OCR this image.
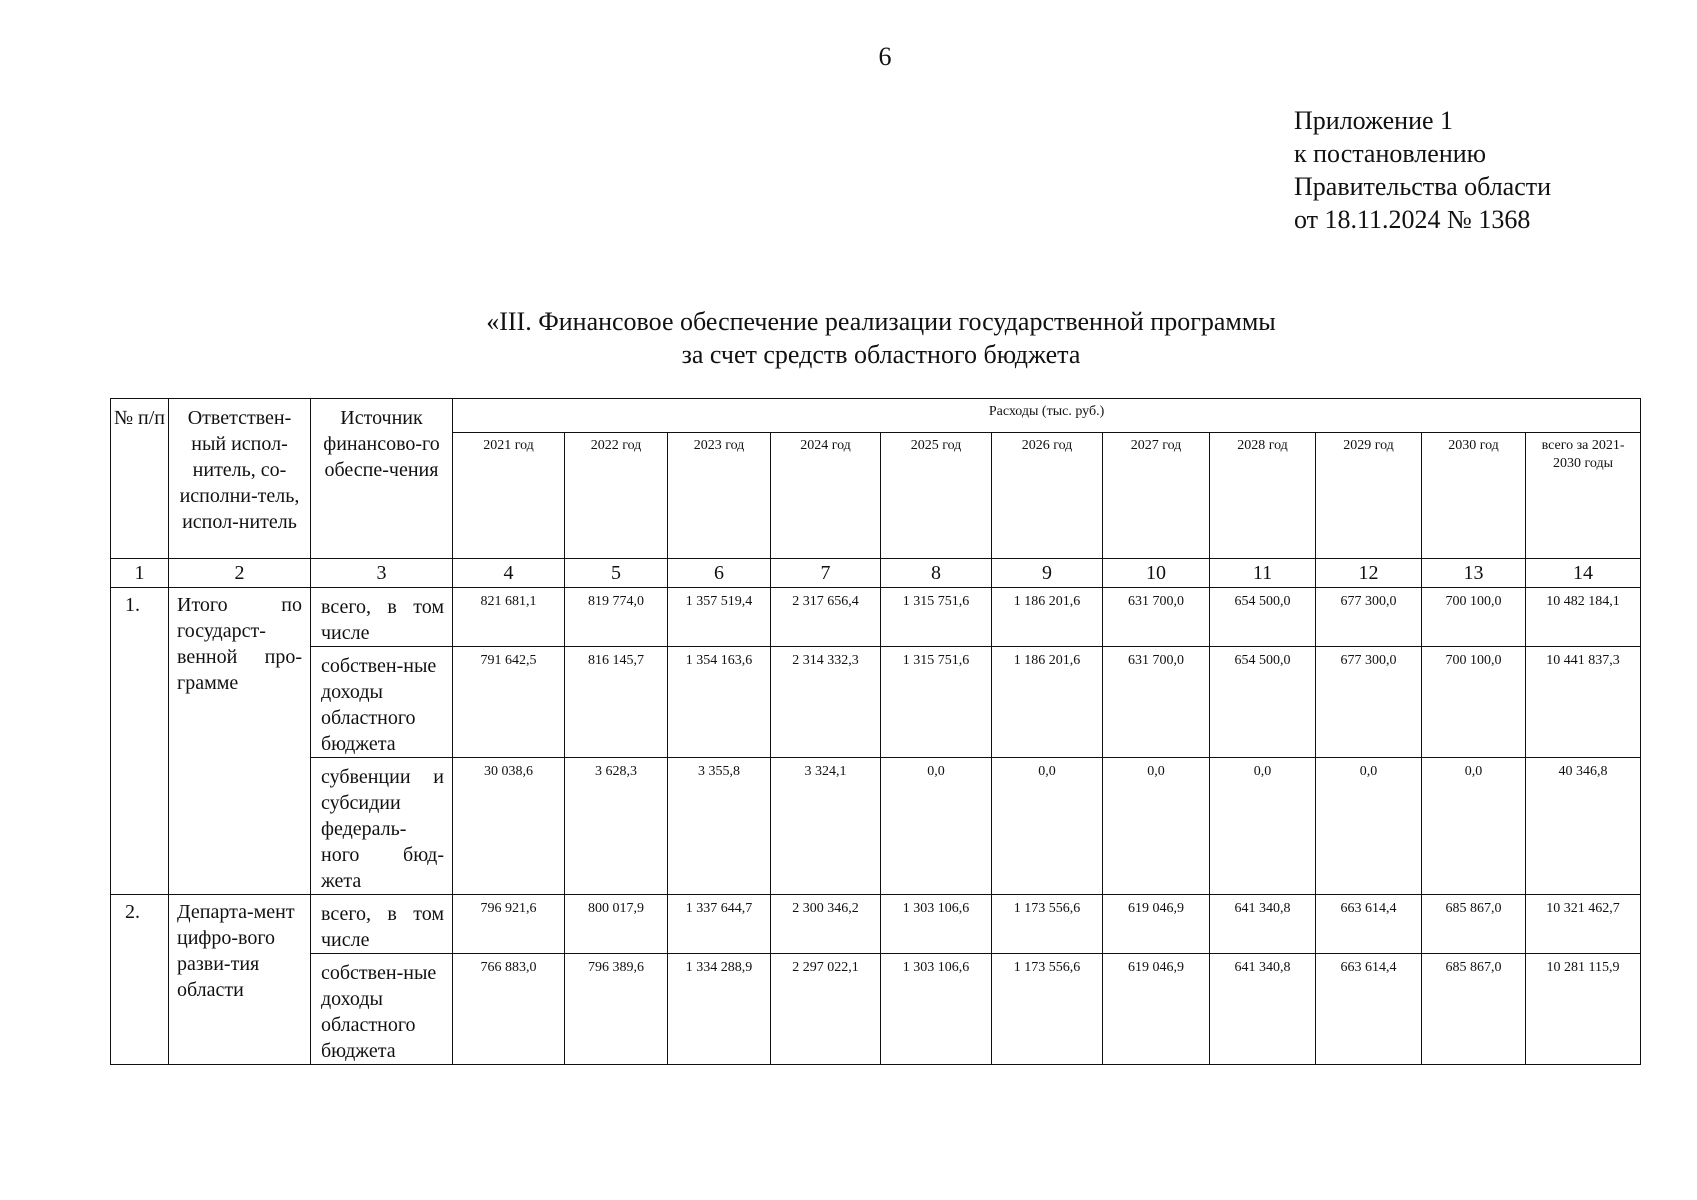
6
Приложение 1
к постановлению
Правительства области
от 18.11.2024 № 1368
«III. Финансовое обеспечение реализации государственной программы
за счет средств областного бюджета
№ п/п	Ответствен-ный испол-нитель, со-исполни-тель, испол-нитель	Источник финансово-го обеспе-чения	Расходы (тыс. руб.)										
			2021 год	2022 год	2023 год	2024 год	2025 год	2026 год	2027 год	2028 год	2029 год	2030 год	всего за 2021-2030 годы
1	2	3	4	5	6	7	8	9	10	11	12	13	14
1.	Итого по государст-венной про-грамме	всего, в том числе	821 681,1	819 774,0	1 357 519,4	2 317 656,4	1 315 751,6	1 186 201,6	631 700,0	654 500,0	677 300,0	700 100,0	10 482 184,1
		собствен-ные доходы областного бюджета	791 642,5	816 145,7	1 354 163,6	2 314 332,3	1 315 751,6	1 186 201,6	631 700,0	654 500,0	677 300,0	700 100,0	10 441 837,3
		субвенции и субсидии федераль-ного бюд-жета	30 038,6	3 628,3	3 355,8	3 324,1	0,0	0,0	0,0	0,0	0,0	0,0	40 346,8
2.	Департа-мент цифро-вого разви-тия области	всего, в том числе	796 921,6	800 017,9	1 337 644,7	2 300 346,2	1 303 106,6	1 173 556,6	619 046,9	641 340,8	663 614,4	685 867,0	10 321 462,7
		собствен-ные доходы областного бюджета	766 883,0	796 389,6	1 334 288,9	2 297 022,1	1 303 106,6	1 173 556,6	619 046,9	641 340,8	663 614,4	685 867,0	10 281 115,9
